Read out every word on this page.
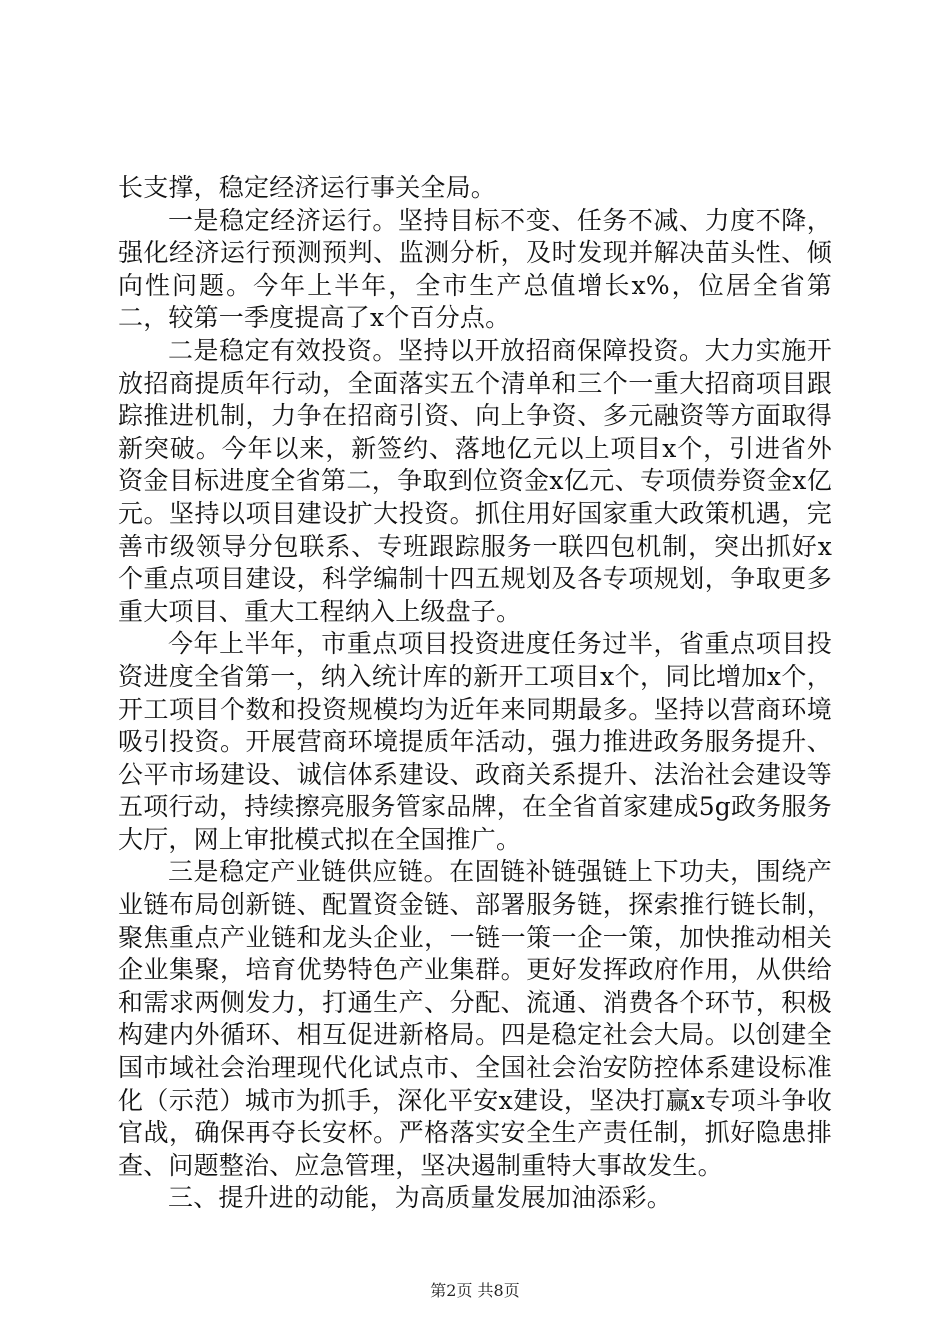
长支撑，稳定经济运行事关全局。

一是稳定经济运行。坚持目标不变、任务不减、力度不降，强化经济运行预测预判、监测分析，及时发现并解决苗头性、倾向性问题。今年上半年，全市生产总值增长x%，位居全省第二，较第一季度提高了x个百分点。

二是稳定有效投资。坚持以开放招商保障投资。大力实施开放招商提质年行动，全面落实五个清单和三个一重大招商项目跟踪推进机制，力争在招商引资、向上争资、多元融资等方面取得新突破。今年以来，新签约、落地亿元以上项目x个，引进省外资金目标进度全省第二，争取到位资金x亿元、专项债券资金x亿元。坚持以项目建设扩大投资。抓住用好国家重大政策机遇，完善市级领导分包联系、专班跟踪服务一联四包机制，突出抓好x个重点项目建设，科学编制十四五规划及各专项规划，争取更多重大项目、重大工程纳入上级盘子。

今年上半年，市重点项目投资进度任务过半，省重点项目投资进度全省第一，纳入统计库的新开工项目x个，同比增加x个，开工项目个数和投资规模均为近年来同期最多。坚持以营商环境吸引投资。开展营商环境提质年活动，强力推进政务服务提升、公平市场建设、诚信体系建设、政商关系提升、法治社会建设等五项行动，持续擦亮服务管家品牌，在全省首家建成5g政务服务大厅，网上审批模式拟在全国推广。

三是稳定产业链供应链。在固链补链强链上下功夫，围绕产业链布局创新链、配置资金链、部署服务链，探索推行链长制，聚焦重点产业链和龙头企业，一链一策一企一策，加快推动相关企业集聚，培育优势特色产业集群。更好发挥政府作用，从供给和需求两侧发力，打通生产、分配、流通、消费各个环节，积极构建内外循环、相互促进新格局。四是稳定社会大局。以创建全国市域社会治理现代化试点市、全国社会治安防控体系建设标准化（示范）城市为抓手，深化平安x建设，坚决打赢x专项斗争收官战，确保再夺长安杯。严格落实安全生产责任制，抓好隐患排查、问题整治、应急管理，坚决遏制重特大事故发生。

三、提升进的动能，为高质量发展加油添彩。

第2页 共8页
